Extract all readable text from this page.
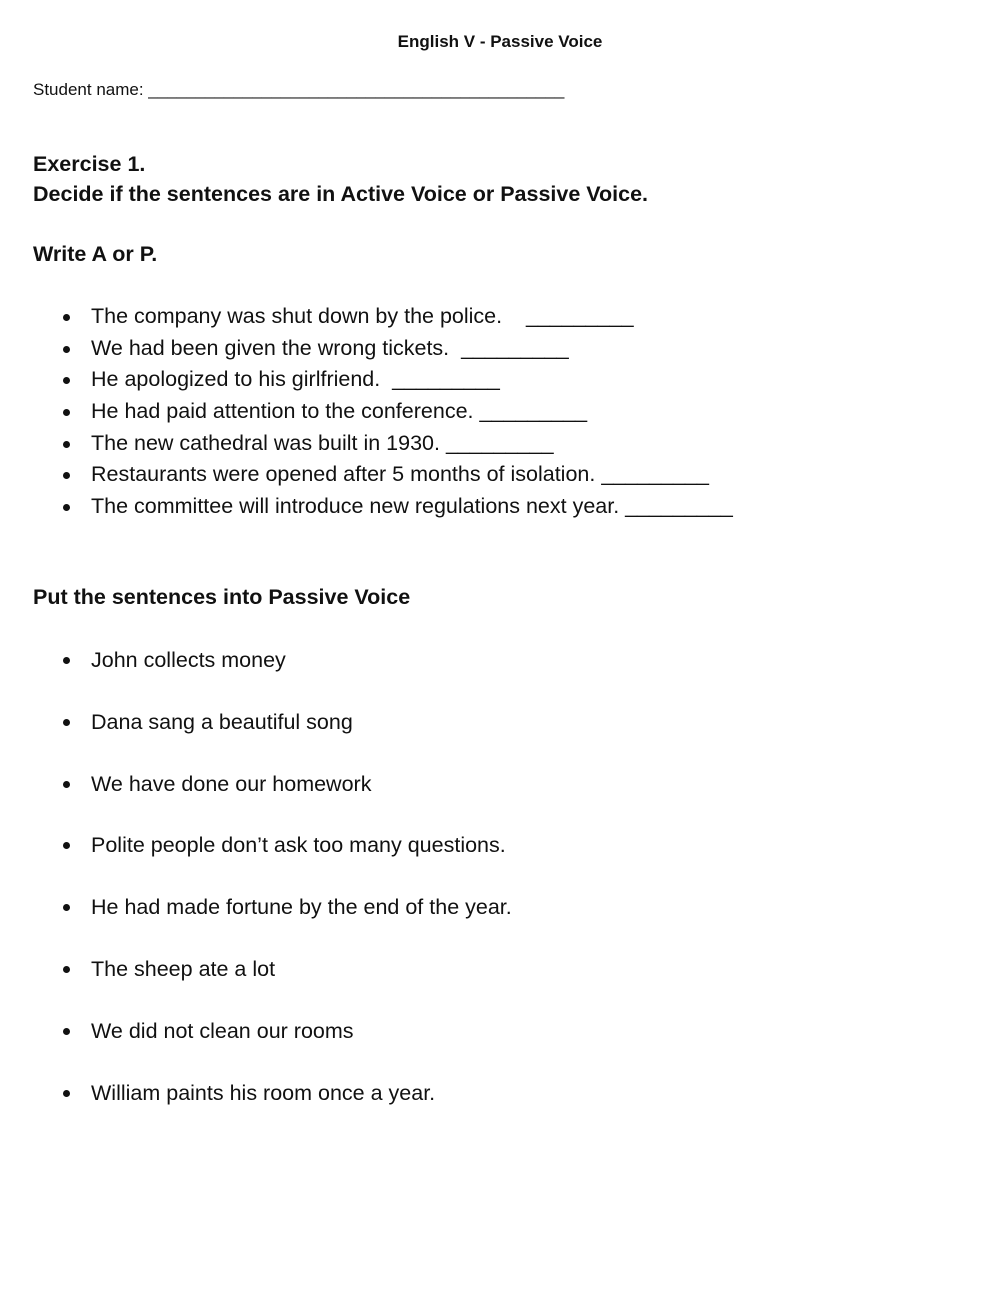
English V - Passive Voice
Student name: ____________________________________________
Exercise 1.
Decide if the sentences are in Active Voice or Passive Voice.
Write A or P.
The company was shut down by the police.    _________
We had been given the wrong tickets.  _________
He apologized to his girlfriend.  _________
He had paid attention to the conference. _________
The new cathedral was built in 1930. _________
Restaurants were opened after 5 months of isolation. _________
The committee will introduce new regulations next year. _________
Put the sentences into Passive Voice
John collects money
Dana sang a beautiful song
We have done our homework
Polite people don’t ask too many questions.
He had made fortune by the end of the year.
The sheep ate a lot
We did not clean our rooms
William paints his room once a year.
